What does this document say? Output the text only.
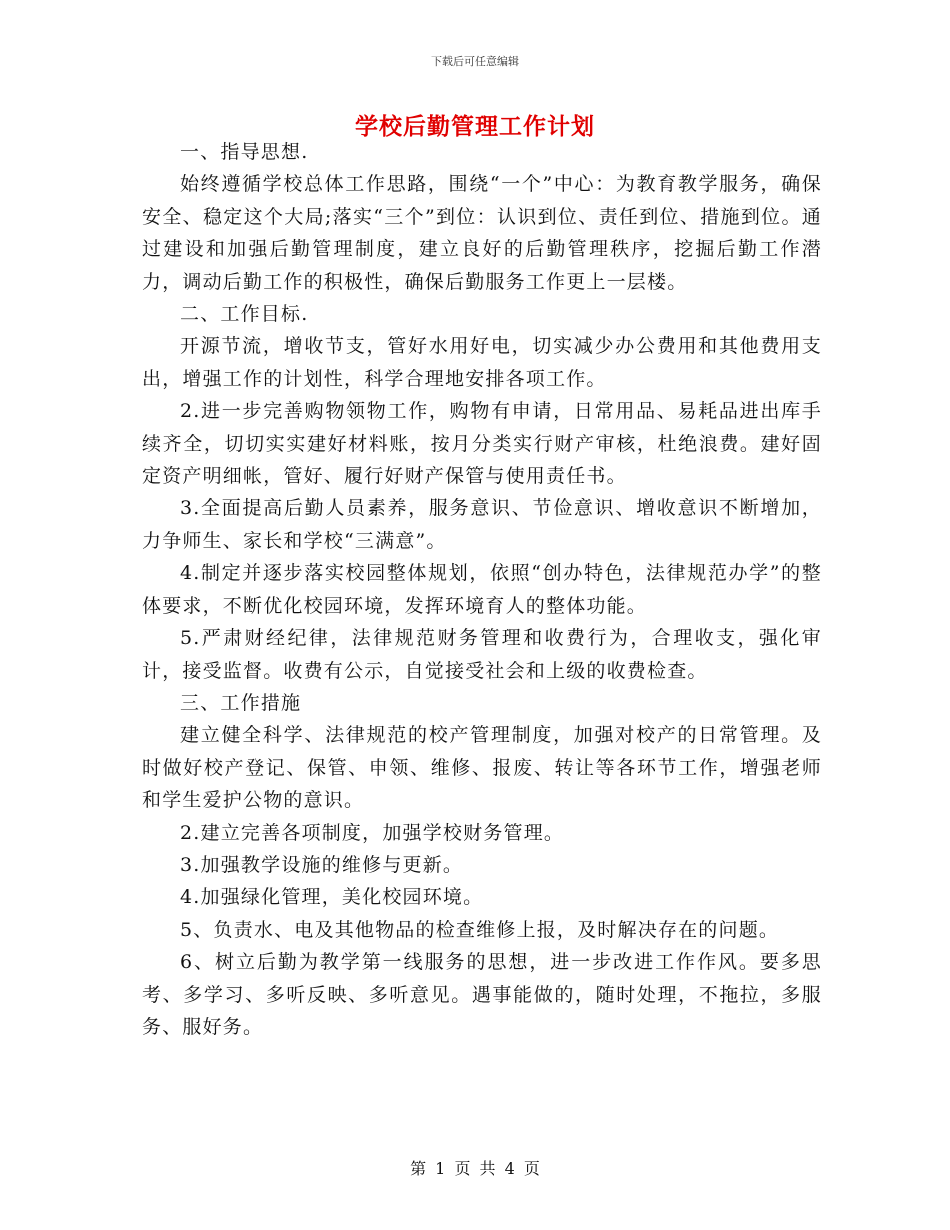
下载后可任意编辑
学校后勤管理工作计划

一、指导思想.

始终遵循学校总体工作思路，围绕“一个”中心：为教育教学服务，确保安全、稳定这个大局;落实“三个”到位：认识到位、责任到位、措施到位。通过建设和加强后勤管理制度，建立良好的后勤管理秩序，挖掘后勤工作潜力，调动后勤工作的积极性，确保后勤服务工作更上一层楼。

二、工作目标.

开源节流，增收节支，管好水用好电，切实减少办公费用和其他费用支出，增强工作的计划性，科学合理地安排各项工作。

2.进一步完善购物领物工作，购物有申请，日常用品、易耗品进出库手续齐全，切切实实建好材料账，按月分类实行财产审核，杜绝浪费。建好固定资产明细帐，管好、履行好财产保管与使用责任书。

3.全面提高后勤人员素养，服务意识、节俭意识、增收意识不断增加，力争师生、家长和学校“三满意”。

4.制定并逐步落实校园整体规划，依照“创办特色，法律规范办学”的整体要求，不断优化校园环境，发挥环境育人的整体功能。

5.严肃财经纪律，法律规范财务管理和收费行为，合理收支，强化审计，接受监督。收费有公示，自觉接受社会和上级的收费检查。

三、工作措施

建立健全科学、法律规范的校产管理制度，加强对校产的日常管理。及时做好校产登记、保管、申领、维修、报废、转让等各环节工作，增强老师和学生爱护公物的意识。

2.建立完善各项制度，加强学校财务管理。

3.加强教学设施的维修与更新。

4.加强绿化管理，美化校园环境。

5、负责水、电及其他物品的检查维修上报，及时解决存在的问题。

6、树立后勤为教学第一线服务的思想，进一步改进工作作风。要多思考、多学习、多听反映、多听意见。遇事能做的，随时处理，不拖拉，多服务、服好务。

第 1 页 共 4 页
